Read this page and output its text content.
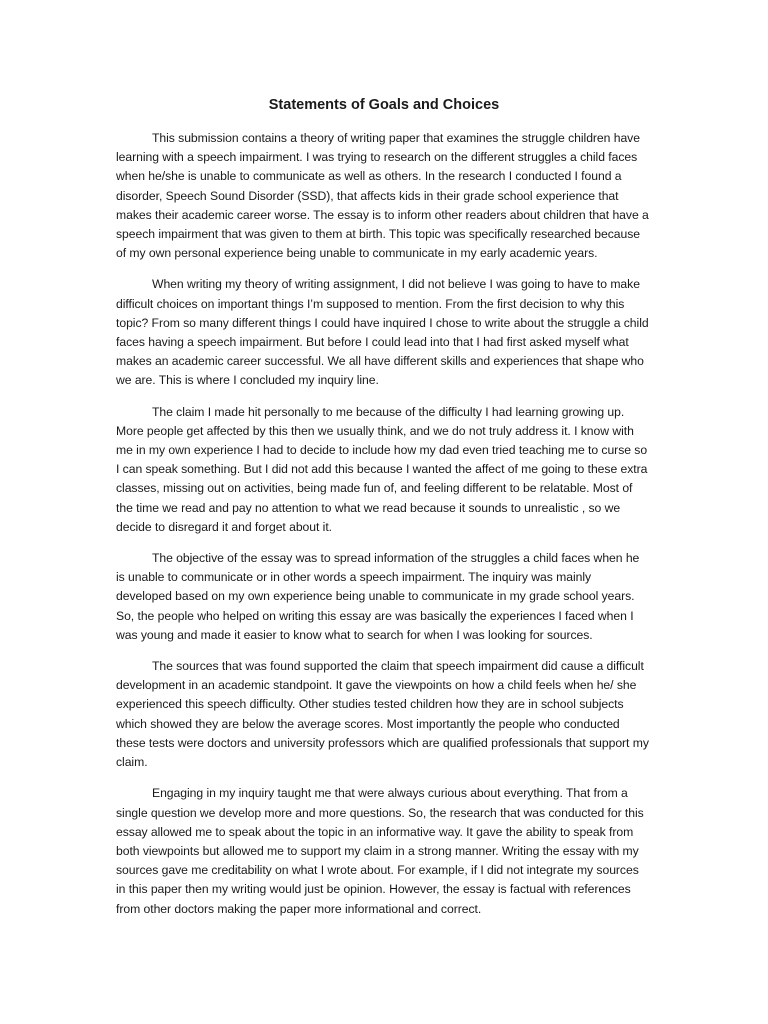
Statements of Goals and Choices

This submission contains a theory of writing paper that examines the struggle children have learning with a speech impairment. I was trying to research on the different struggles a child faces when he/she is unable to communicate as well as others. In the research I conducted I found a disorder, Speech Sound Disorder (SSD), that affects kids in their grade school experience that makes their academic career worse. The essay is to inform other readers about children that have a speech impairment that was given to them at birth. This topic was specifically researched because of my own personal experience being unable to communicate in my early academic years.

When writing my theory of writing assignment, I did not believe I was going to have to make difficult choices on important things I’m supposed to mention. From the first decision to why this topic? From so many different things I could have inquired I chose to write about the struggle a child faces having a speech impairment. But before I could lead into that I had first asked myself what makes an academic career successful. We all have different skills and experiences that shape who we are. This is where I concluded my inquiry line.

The claim I made hit personally to me because of the difficulty I had learning growing up. More people get affected by this then we usually think, and we do not truly address it. I know with me in my own experience I had to decide to include how my dad even tried teaching me to curse so I can speak something. But I did not add this because I wanted the affect of me going to these extra classes, missing out on activities, being made fun of, and feeling different to be relatable. Most of the time we read and pay no attention to what we read because it sounds to unrealistic , so we decide to disregard it and forget about it.

The objective of the essay was to spread information of the struggles a child faces when he is unable to communicate or in other words a speech impairment. The inquiry was mainly developed based on my own experience being unable to communicate in my grade school years. So, the people who helped on writing this essay are was basically the experiences I faced when I was young and made it easier to know what to search for when I was looking for sources.

The sources that was found supported the claim that speech impairment did cause a difficult development in an academic standpoint. It gave the viewpoints on how a child feels when he/ she experienced this speech difficulty. Other studies tested children how they are in school subjects which showed they are below the average scores. Most importantly the people who conducted these tests were doctors and university professors which are qualified professionals that support my claim.

Engaging in my inquiry taught me that were always curious about everything. That from a single question we develop more and more questions. So, the research that was conducted for this essay allowed me to speak about the topic in an informative way. It gave the ability to speak from both viewpoints but allowed me to support my claim in a strong manner. Writing the essay with my sources gave me creditability on what I wrote about. For example, if I did not integrate my sources in this paper then my writing would just be opinion. However, the essay is factual with references from other doctors making the paper more informational and correct.
